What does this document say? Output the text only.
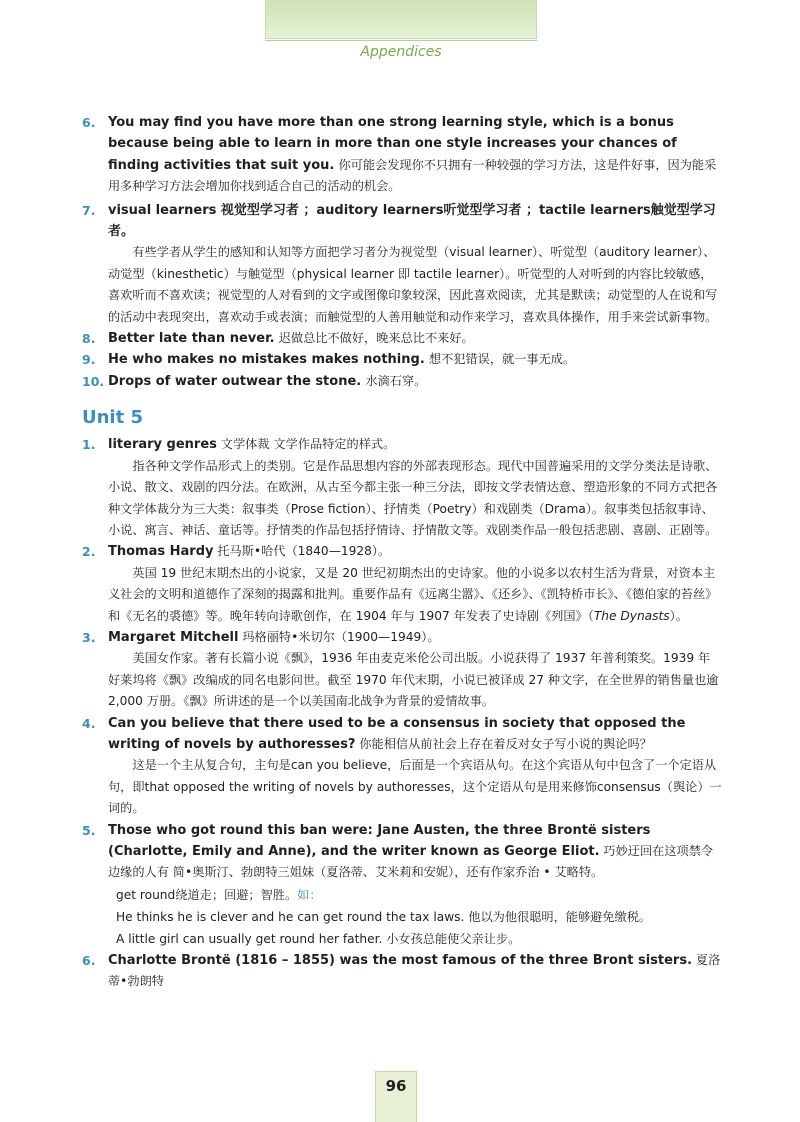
Appendices
6. You may find you have more than one strong learning style, which is a bonus because being able to learn in more than one style increases your chances of finding activities that suit you. 你可能会发现你不只拥有一种较强的学习方法，这是件好事，因为能采用多种学习方法会增加你找到适合自己的活动的机会。
7. visual learners 视觉型学习者 ；auditory learners听觉型学习者 ；tactile learners触觉型学习者。
有些学者从学生的感知和认知等方面把学习者分为视觉型（visual learner）、听觉型（auditory learner）、动觉型（kinesthetic）与触觉型（physical learner 即 tactile learner）。听觉型的人对听到的内容比较敏感，喜欢听而不喜欢读；视觉型的人对看到的文字或图像印象较深，因此喜欢阅读，尤其是默读；动觉型的人在说和写的活动中表现突出，喜欢动手或表演；而触觉型的人善用触觉和动作来学习，喜欢具体操作，用手来尝试新事物。
8. Better late than never. 迟做总比不做好，晚来总比不来好。
9. He who makes no mistakes makes nothing. 想不犯错误，就一事无成。
10. Drops of water outwear the stone. 水滴石穿。
Unit 5
1. literary genres 文学体裁 文学作品特定的样式。
指各种文学作品形式上的类别。它是作品思想内容的外部表现形态。现代中国普遍采用的文学分类法是诗歌、小说、散文、戏剧的四分法。在欧洲，从古至今都主张一种三分法，即按文学表情达意、塑造形象的不同方式把各种文学体裁分为三大类：叙事类（Prose fiction）、抒情类（Poetry）和戏剧类（Drama）。叙事类包括叙事诗、小说、寓言、神话、童话等。抒情类的作品包括抒情诗、抒情散文等。戏剧类作品一般包括悲剧、喜剧、正剧等。
2. Thomas Hardy 托马斯•哈代（1840—1928）。
英国 19 世纪末期杰出的小说家，又是 20 世纪初期杰出的史诗家。他的小说多以农村生活为背景，对资本主义社会的文明和道德作了深刻的揭露和批判。重要作品有《远离尘嚣》、《还乡》、《凯特桥市长》、《德伯家的苔丝》和《无名的裘德》等。晚年转向诗歌创作，在 1904 年与 1907 年发表了史诗剧《列国》（The Dynasts）。
3. Margaret Mitchell 玛格丽特•米切尔（1900—1949）。
美国女作家。著有长篇小说《飘》，1936 年由麦克米伦公司出版。小说获得了 1937 年普利策奖。1939 年好莱坞将《飘》改编成的同名电影问世。截至 1970 年代末期，小说已被译成 27 种文字，在全世界的销售量也逾 2,000 万册。《飘》所讲述的是一个以美国南北战争为背景的爱情故事。
4. Can you believe that there used to be a consensus in society that opposed the writing of novels by authoresses? 你能相信从前社会上存在着反对女子写小说的舆论吗？
这是一个主从复合句，主句是can you believe，后面是一个宾语从句。在这个宾语从句中包含了一个定语从句，即that opposed the writing of novels by authoresses，这个定语从句是用来修饰consensus（舆论）一词的。
5. Those who got round this ban were: Jane Austen, the three Brontë sisters (Charlotte, Emily and Anne), and the writer known as George Eliot. 巧妙迂回在这项禁令边缘的人有 简•奥斯汀、勃朗特三姐妹（夏洛蒂、艾米莉和安妮），还有作家乔治 • 艾略特。
get round绕道走；回避；智胜。如：
He thinks he is clever and he can get round the tax laws. 他以为他很聪明，能够避免缴税。
A little girl can usually get round her father. 小女孩总能使父亲让步。
6. Charlotte Brontë (1816 – 1855) was the most famous of the three Bront sisters. 夏洛蒂•勃朗特
96
